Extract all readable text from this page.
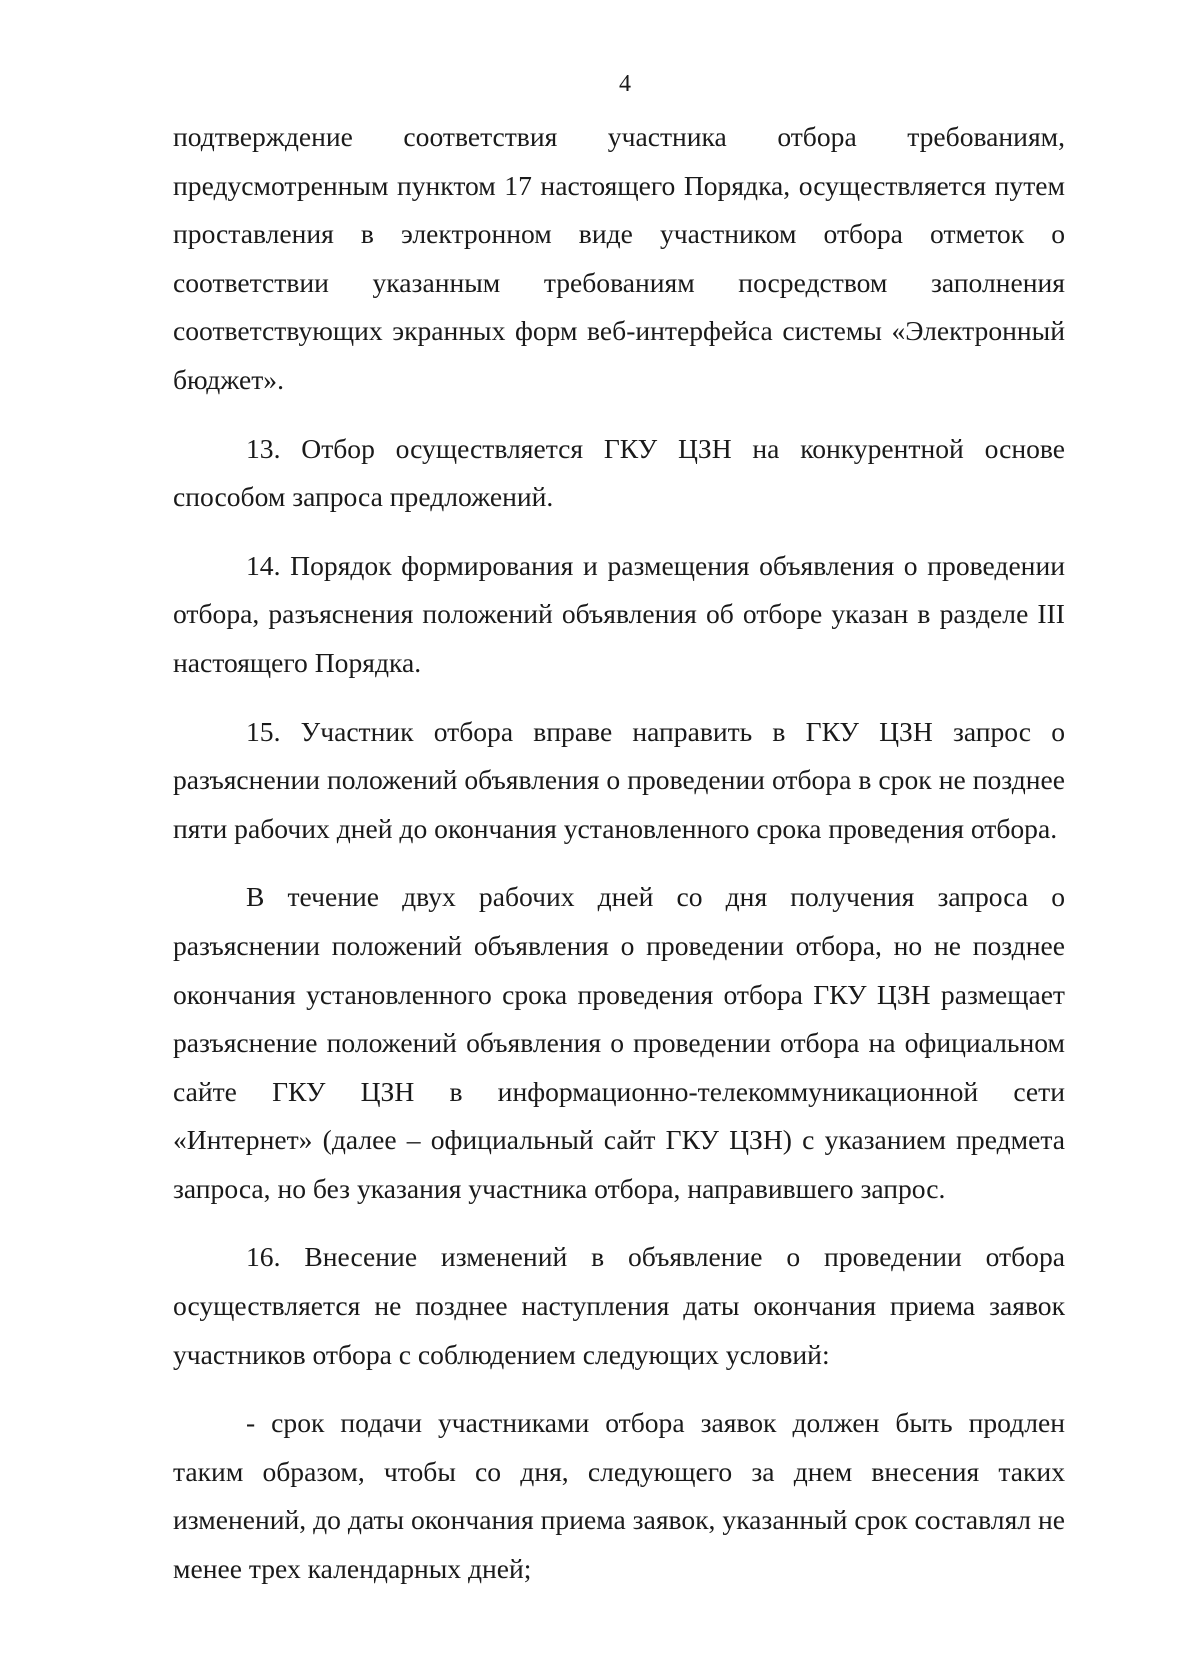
4

подтверждение соответствия участника отбора требованиям, предусмотренным пунктом 17 настоящего Порядка, осуществляется путем проставления в электронном виде участником отбора отметок о соответствии указанным требованиям посредством заполнения соответствующих экранных форм веб-интерфейса системы «Электронный бюджет».

13. Отбор осуществляется ГКУ ЦЗН на конкурентной основе способом запроса предложений.

14. Порядок формирования и размещения объявления о проведении отбора, разъяснения положений объявления об отборе указан в разделе III настоящего Порядка.

15. Участник отбора вправе направить в ГКУ ЦЗН запрос о разъяснении положений объявления о проведении отбора в срок не позднее пяти рабочих дней до окончания установленного срока проведения отбора.

В течение двух рабочих дней со дня получения запроса о разъяснении положений объявления о проведении отбора, но не позднее окончания установленного срока проведения отбора ГКУ ЦЗН размещает разъяснение положений объявления о проведении отбора на официальном сайте ГКУ ЦЗН в информационно-телекоммуникационной сети «Интернет» (далее – официальный сайт ГКУ ЦЗН) с указанием предмета запроса, но без указания участника отбора, направившего запрос.

16. Внесение изменений в объявление о проведении отбора осуществляется не позднее наступления даты окончания приема заявок участников отбора с соблюдением следующих условий:

- срок подачи участниками отбора заявок должен быть продлен таким образом, чтобы со дня, следующего за днем внесения таких изменений, до даты окончания приема заявок, указанный срок составлял не менее трех календарных дней;
